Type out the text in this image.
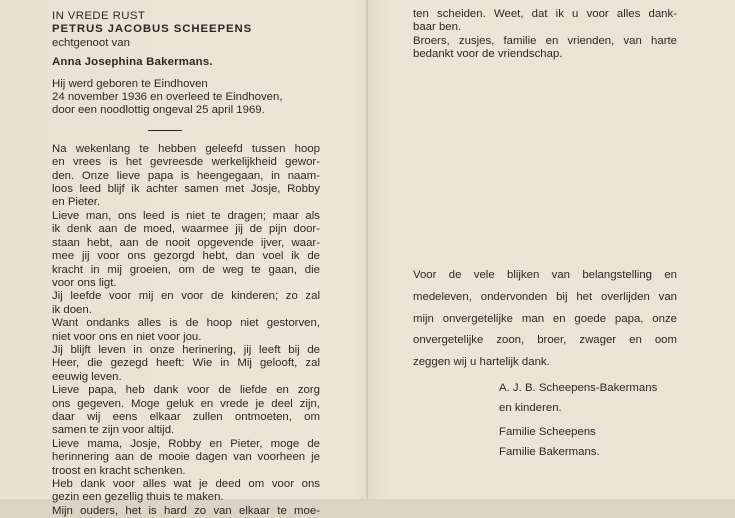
IN VREDE RUST
PETRUS JACOBUS SCHEEPENS
echtgenoot van
Anna Josephina Bakermans.
Hij werd geboren te Eindhoven
24 november 1936 en overleed te Eindhoven,
door een noodlottig ongeval 25 april 1969.
Na wekenlang te hebben geleefd tussen hoop
en vrees is het gevreesde werkelijkheid gewor-
den. Onze lieve papa is heengegaan, in naam-
loos leed blijf ik achter samen met Josje, Robby
en Pieter.
Lieve man, ons leed is niet te dragen; maar als
ik denk aan de moed, waarmee jij de pijn door-
staan hebt, aan de nooit opgevende ijver, waar-
mee jij voor ons gezorgd hebt, dan voel ik de
kracht in mij groeien, om de weg te gaan, die
voor ons ligt.
Jij leefde voor mij en voor de kinderen; zo zal
ik doen.
Want ondanks alles is de hoop niet gestorven,
niet voor ons en niet voor jou.
Jij blijft leven in onze herinering, jij leeft bij de
Heer, die gezegd heeft: Wie in Mij gelooft, zal
eeuwig leven.
Lieve papa, heb dank voor de liefde en zorg
ons gegeven. Moge geluk en vrede je deel zijn,
daar wij eens elkaar zullen ontmoeten, om
samen te zijn voor altijd.
Lieve mama, Josje, Robby en Pieter, moge de
herinnering aan de mooie dagen van voorheen je
troost en kracht schenken.
Heb dank voor alles wat je deed om voor ons
gezin een gezellig thuis te maken.
Mijn ouders, het is hard zo van elkaar te moe-
ten scheiden. Weet, dat ik u voor alles dank-
baar ben.
Broers, zusjes, familie en vrienden, van harte
bedankt voor de vriendschap.
Voor de vele blijken van belangstelling en
medeleven, ondervonden bij het overlijden van
mijn onvergetelijke man en goede papa, onze
onvergetelijke zoon, broer, zwager en oom
zeggen wij u hartelijk dank.
A. J. B. Scheepens-Bakermans
en kinderen.
Familie Scheepens
Familie Bakermans.
